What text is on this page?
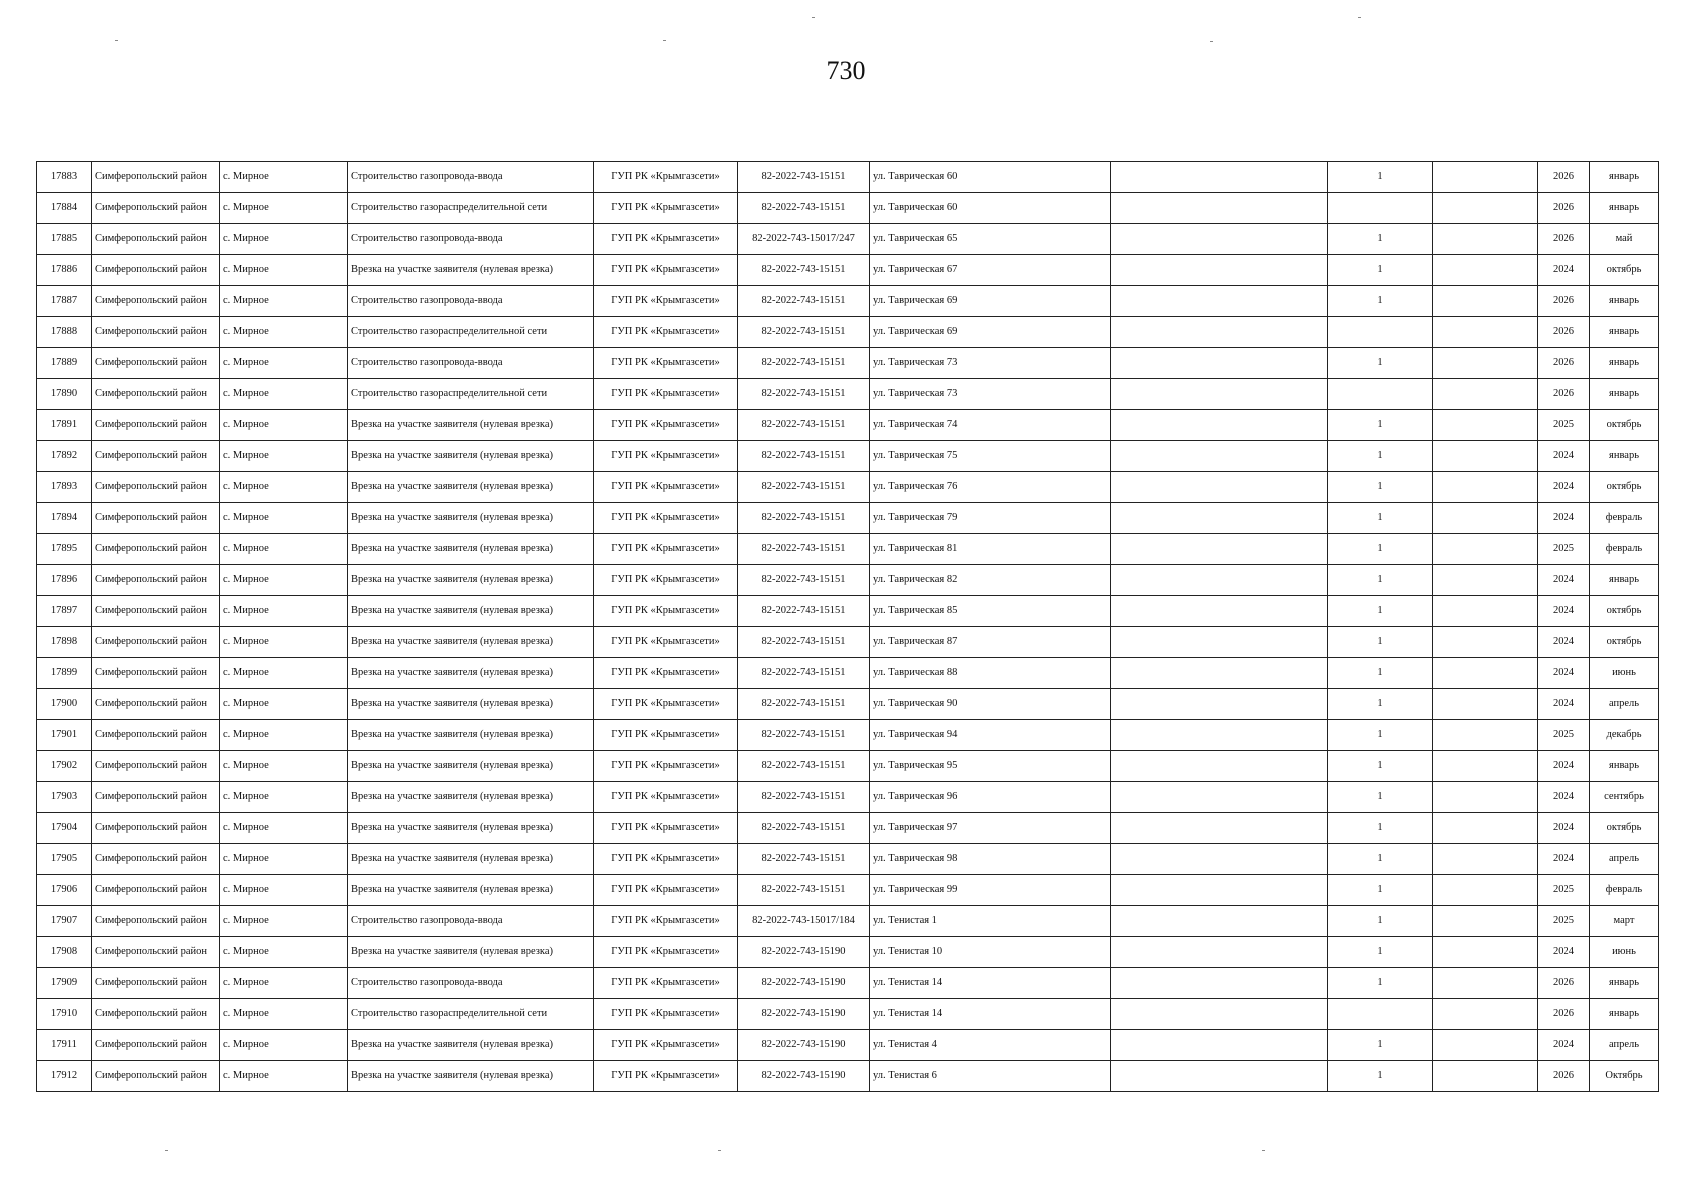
730
17883	Симферопольский район	с. Мирное	Строительство газопровода-ввода	ГУП РК «Крымгазсети»	82-2022-743-15151	ул. Таврическая 60		1		2026	январь
17884	Симферопольский район	с. Мирное	Строительство газораспределительной сети	ГУП РК «Крымгазсети»	82-2022-743-15151	ул. Таврическая 60				2026	январь
17885	Симферопольский район	с. Мирное	Строительство газопровода-ввода	ГУП РК «Крымгазсети»	82-2022-743-15017/247	ул. Таврическая 65		1		2026	май
17886	Симферопольский район	с. Мирное	Врезка на участке заявителя (нулевая врезка)	ГУП РК «Крымгазсети»	82-2022-743-15151	ул. Таврическая 67		1		2024	октябрь
17887	Симферопольский район	с. Мирное	Строительство газопровода-ввода	ГУП РК «Крымгазсети»	82-2022-743-15151	ул. Таврическая 69		1		2026	январь
17888	Симферопольский район	с. Мирное	Строительство газораспределительной сети	ГУП РК «Крымгазсети»	82-2022-743-15151	ул. Таврическая 69				2026	январь
17889	Симферопольский район	с. Мирное	Строительство газопровода-ввода	ГУП РК «Крымгазсети»	82-2022-743-15151	ул. Таврическая 73		1		2026	январь
17890	Симферопольский район	с. Мирное	Строительство газораспределительной сети	ГУП РК «Крымгазсети»	82-2022-743-15151	ул. Таврическая 73				2026	январь
17891	Симферопольский район	с. Мирное	Врезка на участке заявителя (нулевая врезка)	ГУП РК «Крымгазсети»	82-2022-743-15151	ул. Таврическая 74		1		2025	октябрь
17892	Симферопольский район	с. Мирное	Врезка на участке заявителя (нулевая врезка)	ГУП РК «Крымгазсети»	82-2022-743-15151	ул. Таврическая 75		1		2024	январь
17893	Симферопольский район	с. Мирное	Врезка на участке заявителя (нулевая врезка)	ГУП РК «Крымгазсети»	82-2022-743-15151	ул. Таврическая 76		1		2024	октябрь
17894	Симферопольский район	с. Мирное	Врезка на участке заявителя (нулевая врезка)	ГУП РК «Крымгазсети»	82-2022-743-15151	ул. Таврическая 79		1		2024	февраль
17895	Симферопольский район	с. Мирное	Врезка на участке заявителя (нулевая врезка)	ГУП РК «Крымгазсети»	82-2022-743-15151	ул. Таврическая 81		1		2025	февраль
17896	Симферопольский район	с. Мирное	Врезка на участке заявителя (нулевая врезка)	ГУП РК «Крымгазсети»	82-2022-743-15151	ул. Таврическая 82		1		2024	январь
17897	Симферопольский район	с. Мирное	Врезка на участке заявителя (нулевая врезка)	ГУП РК «Крымгазсети»	82-2022-743-15151	ул. Таврическая 85		1		2024	октябрь
17898	Симферопольский район	с. Мирное	Врезка на участке заявителя (нулевая врезка)	ГУП РК «Крымгазсети»	82-2022-743-15151	ул. Таврическая 87		1		2024	октябрь
17899	Симферопольский район	с. Мирное	Врезка на участке заявителя (нулевая врезка)	ГУП РК «Крымгазсети»	82-2022-743-15151	ул. Таврическая 88		1		2024	июнь
17900	Симферопольский район	с. Мирное	Врезка на участке заявителя (нулевая врезка)	ГУП РК «Крымгазсети»	82-2022-743-15151	ул. Таврическая 90		1		2024	апрель
17901	Симферопольский район	с. Мирное	Врезка на участке заявителя (нулевая врезка)	ГУП РК «Крымгазсети»	82-2022-743-15151	ул. Таврическая 94		1		2025	декабрь
17902	Симферопольский район	с. Мирное	Врезка на участке заявителя (нулевая врезка)	ГУП РК «Крымгазсети»	82-2022-743-15151	ул. Таврическая 95		1		2024	январь
17903	Симферопольский район	с. Мирное	Врезка на участке заявителя (нулевая врезка)	ГУП РК «Крымгазсети»	82-2022-743-15151	ул. Таврическая 96		1		2024	сентябрь
17904	Симферопольский район	с. Мирное	Врезка на участке заявителя (нулевая врезка)	ГУП РК «Крымгазсети»	82-2022-743-15151	ул. Таврическая 97		1		2024	октябрь
17905	Симферопольский район	с. Мирное	Врезка на участке заявителя (нулевая врезка)	ГУП РК «Крымгазсети»	82-2022-743-15151	ул. Таврическая 98		1		2024	апрель
17906	Симферопольский район	с. Мирное	Врезка на участке заявителя (нулевая врезка)	ГУП РК «Крымгазсети»	82-2022-743-15151	ул. Таврическая 99		1		2025	февраль
17907	Симферопольский район	с. Мирное	Строительство газопровода-ввода	ГУП РК «Крымгазсети»	82-2022-743-15017/184	ул. Тенистая 1		1		2025	март
17908	Симферопольский район	с. Мирное	Врезка на участке заявителя (нулевая врезка)	ГУП РК «Крымгазсети»	82-2022-743-15190	ул. Тенистая 10		1		2024	июнь
17909	Симферопольский район	с. Мирное	Строительство газопровода-ввода	ГУП РК «Крымгазсети»	82-2022-743-15190	ул. Тенистая 14		1		2026	январь
17910	Симферопольский район	с. Мирное	Строительство газораспределительной сети	ГУП РК «Крымгазсети»	82-2022-743-15190	ул. Тенистая 14				2026	январь
17911	Симферопольский район	с. Мирное	Врезка на участке заявителя (нулевая врезка)	ГУП РК «Крымгазсети»	82-2022-743-15190	ул. Тенистая 4		1		2024	апрель
17912	Симферопольский район	с. Мирное	Врезка на участке заявителя (нулевая врезка)	ГУП РК «Крымгазсети»	82-2022-743-15190	ул. Тенистая 6		1		2026	Октябрь
